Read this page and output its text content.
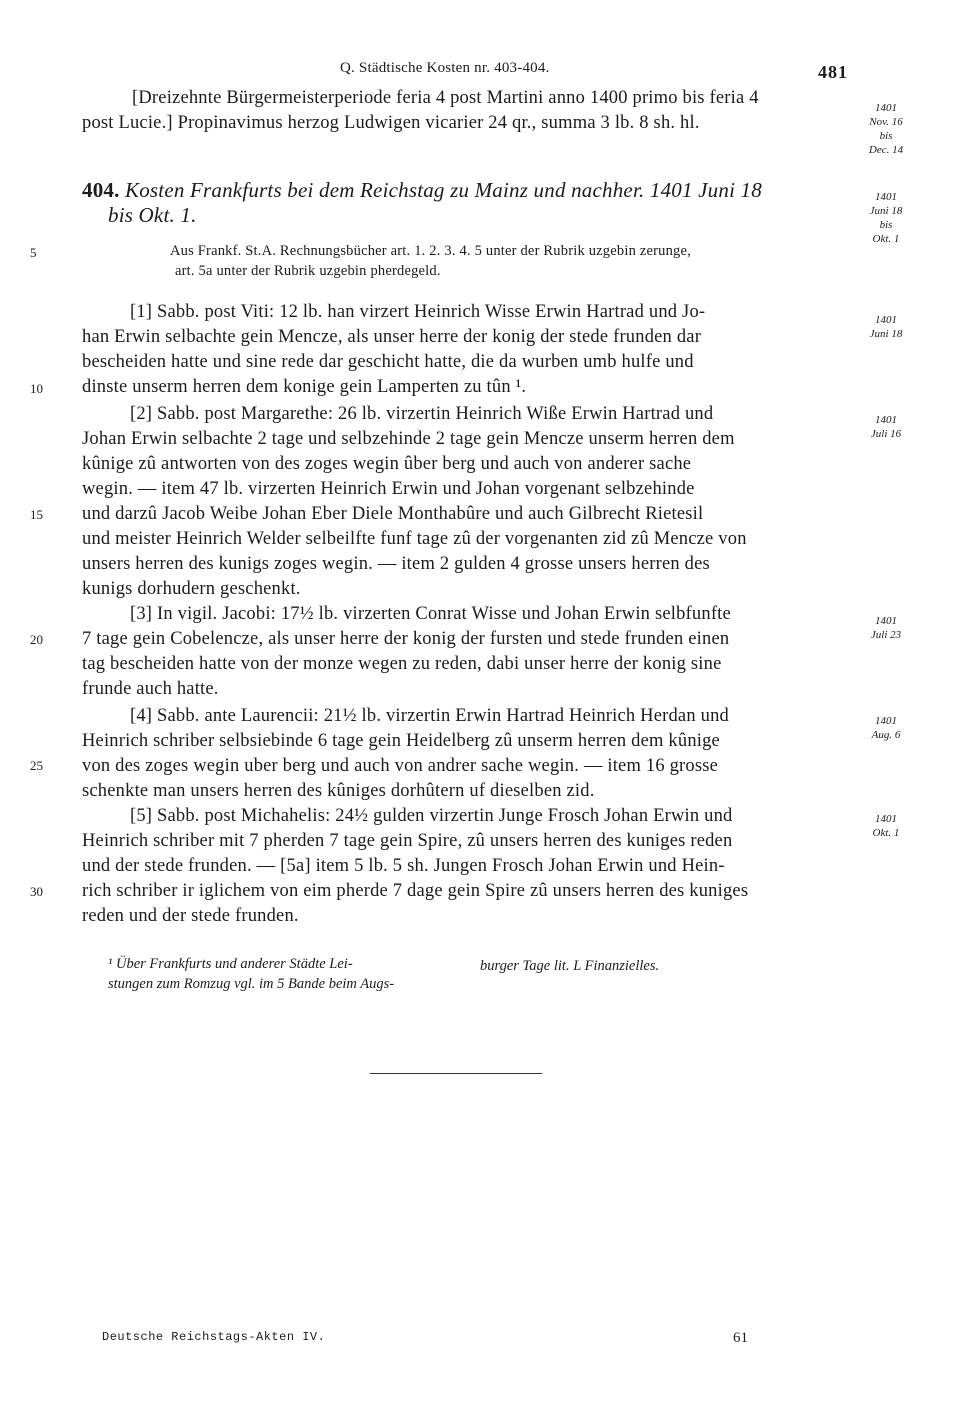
Q. Städtische Kosten nr. 403-404.	481
[Dreizehnte Bürgermeisterperiode feria 4 post Martini anno 1400 primo bis feria 4
post Lucie.] Propinavimus herzog Ludwigen vicarier 24 qr., summa 3 lb. 8 sh. hl.
404. Kosten Frankfurts bei dem Reichstag zu Mainz und nachher. 1401 Juni 18
bis Okt. 1.
Aus Frankf. St.A. Rechnungsbücher art. 1. 2. 3. 4. 5 unter der Rubrik uzgebin zerunge,
art. 5a unter der Rubrik uzgebin pherdegeld.
[1] Sabb. post Viti: 12 lb. han virzert Heinrich Wisse Erwin Hartrad und Jo-
han Erwin selbachte gein Mencze, als unser herre der konig der stede frunden dar
bescheiden hatte und sine rede dar geschicht hatte, die da wurben umb hulfe und
dinste unserm herren dem konige gein Lamperten zu tûn ¹.
[2] Sabb. post Margarethe: 26 lb. virzertin Heinrich Wiße Erwin Hartrad und
Johan Erwin selbachte 2 tage und selbzehinde 2 tage gein Mencze unserm herren dem
kûnige zû antworten von des zoges wegin ûber berg und auch von anderer sache
wegin. — item 47 lb. virzerten Heinrich Erwin und Johan vorgenant selbzehinde
und darzû Jacob Weibe Johan Eber Diele Monthabûre und auch Gilbrecht Rietesil
und meister Heinrich Welder selbeilfte funf tage zû der vorgenanten zid zû Mencze von
unsers herren des kunigs zoges wegin. — item 2 gulden 4 grosse unsers herren des
kunigs dorhudern geschenkt.
[3] In vigil. Jacobi: 17½ lb. virzerten Conrat Wisse und Johan Erwin selbfunfte
7 tage gein Cobelencze, als unser herre der konig der fursten und stede frunden einen
tag bescheiden hatte von der monze wegen zu reden, dabi unser herre der konig sine
frunde auch hatte.
[4] Sabb. ante Laurencii: 21½ lb. virzertin Erwin Hartrad Heinrich Herdan und
Heinrich schriber selbsiebinde 6 tage gein Heidelberg zû unserm herren dem kûnige
von des zoges wegin uber berg und auch von andrer sache wegin. — item 16 grosse
schenkte man unsers herren des kûniges dorhûtern uf dieselben zid.
[5] Sabb. post Michahelis: 24½ gulden virzertin Junge Frosch Johan Erwin und
Heinrich schriber mit 7 pherden 7 tage gein Spire, zû unsers herren des kuniges reden
und der stede frunden. — [5a] item 5 lb. 5 sh. Jungen Frosch Johan Erwin und Hein-
rich schriber ir iglichem von eim pherde 7 dage gein Spire zû unsers herren des kuniges
reden und der stede frunden.
5
10
15
20
25
30
1401
Nov. 16
bis
Dec. 14
1401
Juni 18
bis
Okt. 1
1401
Juni 18
1401
Juli 16
1401
Juli 23
1401
Aug. 6
1401
Okt. 1
¹ Über Frankfurts und anderer Städte Lei-
stungen zum Romzug vgl. im 5 Bande beim Augs-
burger Tage lit. L Finanzielles.
Deutsche Reichstags-Akten IV.	61
